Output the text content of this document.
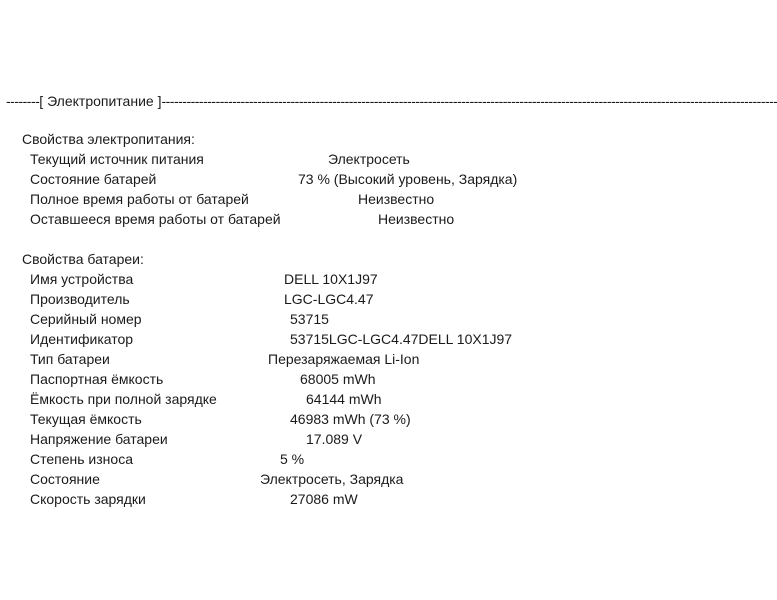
--------[ Электропитание ]----------------------------------------------------------------------------------------------------------------------------------------------------
Свойства электропитания:
Текущий источник питания	Электросеть
Состояние батарей	73 % (Высокий уровень, Зарядка)
Полное время работы от батарей	Неизвестно
Оставшееся время работы от батарей	Неизвестно
Свойства батареи:
Имя устройства	DELL 10X1J97
Производитель	LGC-LGC4.47
Серийный номер	53715
Идентификатор	53715LGC-LGC4.47DELL 10X1J97
Тип батареи	Перезаряжаемая Li-Ion
Паспортная ёмкость	68005 mWh
Ёмкость при полной зарядке	64144 mWh
Текущая ёмкость	46983 mWh (73 %)
Напряжение батареи	17.089 V
Степень износа	5 %
Состояние	Электросеть, Зарядка
Скорость зарядки	27086 mW
